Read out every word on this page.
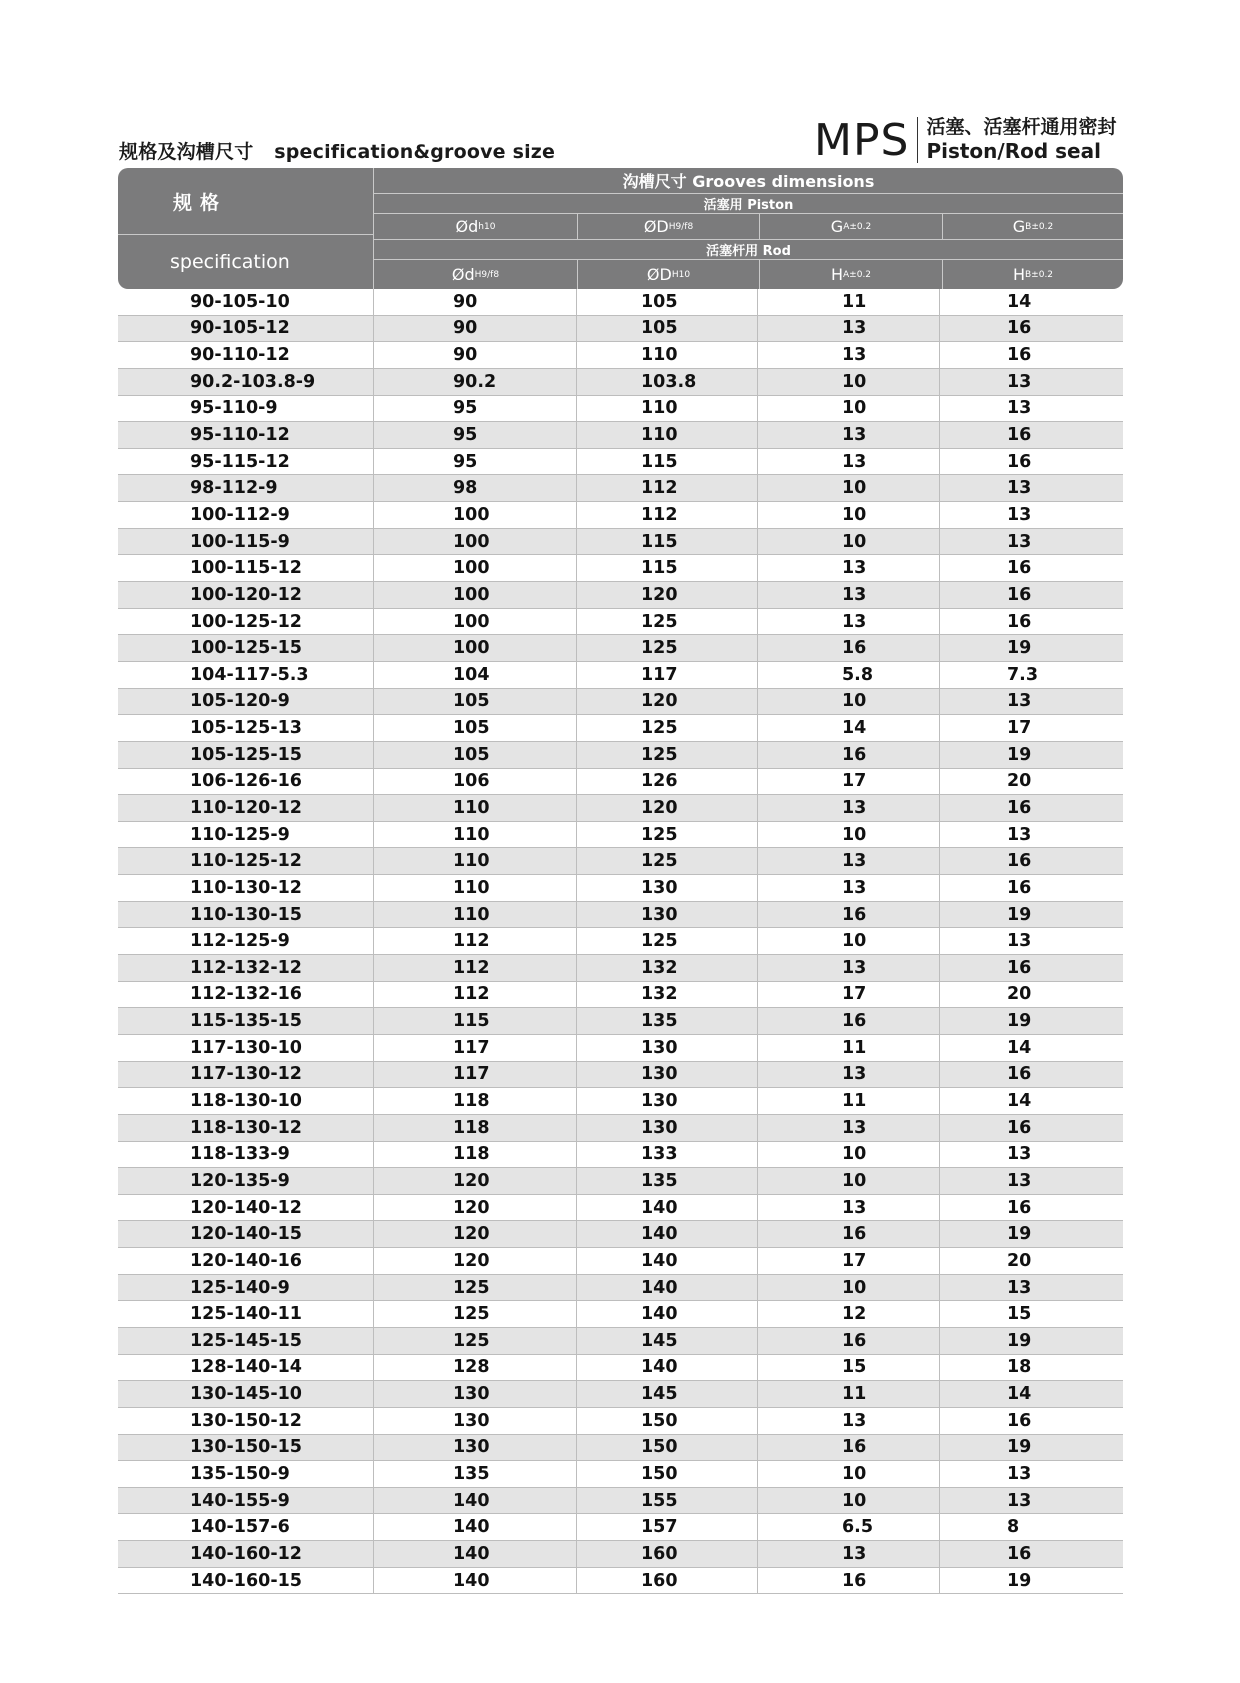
规格及沟槽尺寸 specification&groove size	MPS 活塞、活塞杆通用密封
Piston/Rod seal
规格
specification
沟槽尺寸 Grooves dimensions
活塞用 Piston
Ød h10	ØD H9/f8	G A ±0.2	G B ±0.2
活塞杆用 Rod
Ød H9/f8	ØD H10	H A ±0.2	H B ±0.2
90-105-10	90	105	11	14
90-105-12	90	105	13	16
90-110-12	90	110	13	16
90.2-103.8-9	90.2	103.8	10	13
95-110-9	95	110	10	13
95-110-12	95	110	13	16
95-115-12	95	115	13	16
98-112-9	98	112	10	13
100-112-9	100	112	10	13
100-115-9	100	115	10	13
100-115-12	100	115	13	16
100-120-12	100	120	13	16
100-125-12	100	125	13	16
100-125-15	100	125	16	19
104-117-5.3	104	117	5.8	7.3
105-120-9	105	120	10	13
105-125-13	105	125	14	17
105-125-15	105	125	16	19
106-126-16	106	126	17	20
110-120-12	110	120	13	16
110-125-9	110	125	10	13
110-125-12	110	125	13	16
110-130-12	110	130	13	16
110-130-15	110	130	16	19
112-125-9	112	125	10	13
112-132-12	112	132	13	16
112-132-16	112	132	17	20
115-135-15	115	135	16	19
117-130-10	117	130	11	14
117-130-12	117	130	13	16
118-130-10	118	130	11	14
118-130-12	118	130	13	16
118-133-9	118	133	10	13
120-135-9	120	135	10	13
120-140-12	120	140	13	16
120-140-15	120	140	16	19
120-140-16	120	140	17	20
125-140-9	125	140	10	13
125-140-11	125	140	12	15
125-145-15	125	145	16	19
128-140-14	128	140	15	18
130-145-10	130	145	11	14
130-150-12	130	150	13	16
130-150-15	130	150	16	19
135-150-9	135	150	10	13
140-155-9	140	155	10	13
140-157-6	140	157	6.5	8
140-160-12	140	160	13	16
140-160-15	140	160	16	19
